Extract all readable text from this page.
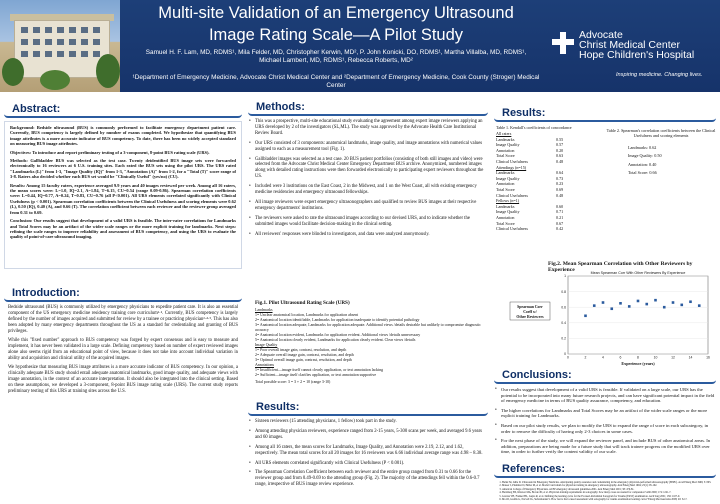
Multi-site Validation of an Emergency Ultrasound
Image Rating Scale—A Pilot Study
Samuel H. F. Lam, MD, RDMS¹, Mila Felder, MD, Christopher Kerwin, MD², P. John Konicki, DO, RDMS¹, Martha Villalba, MD, RDMS¹,
Michael Lambert, MD, RDMS¹, Rebecca Roberts, MD²
¹Department of Emergency Medicine, Advocate Christ Medical Center and ²Department of Emergency Medicine, Cook County (Stroger) Medical Center
Advocate
Christ Medical Center
Hope Children's Hospital
Inspiring medicine. Changing lives.
Abstract:

Background: Bedside ultrasound (BUS) is commonly performed to facilitate emergency department patient care. Currently, BUS competency is largely defined by number of exams completed. We hypothesize that quantifying BUS image attributes is a more accurate indicator of BUS competency. To date, there has been no widely accepted standard on measuring BUS image attributes.

Objectives: To introduce and report preliminary testing of a 3-component, 8-point BUS rating scale (URS).

Methods: Gallbladder BUS was selected as the test case. Twenty deidentified BUS image sets were forwarded electronically to 16 reviewers at 6 U.S. training sites. Each rated the BUS sets using the pilot URS. The URS rated "Landmarks (L)" from 1-3, "Image Quality (IQ)" from 1-3, "Annotation (A)" from 1-2, for a "Total (T)" score range of 3-8. Raters also decided whether each BUS set would be "Clinically Useful" (yes/no) (CU).

Results: Among 15 faculty raters, experience averaged 9.9 years and 40 images reviewed per week. Among all 16 raters, the mean scores were: L=1.0, IQ=2.1, A=1.84, T=6.15, CU=0.54 (range 0.09-0.86). Spearman correlation coefficients were: L=0.44, IQ=0.77, A=0.24, T=0.83, CU=0.76 (all P<0.001). All URS elements correlated significantly with Clinical Usefulness (p < 0.001). Spearman correlation coefficients between the Clinical Usefulness and scoring elements were 0.62 (L), 0.50 (IQ), 0.40 (A), and 0.66 (T). The correlation coefficient between each reviewer and the reviewer group averaged from 0.31 to 0.69.

Conclusion: Our results suggest that development of a valid URS is feasible. The inter-rater correlations for Landmarks and Total Scores may be an artifact of the wider scale ranges or the more explicit training for landmarks. Next steps: refining the scale ranges to improve reliability and assessment of BUS competency, and using the URS to evaluate the quality of point-of-care ultrasound imaging.

Introduction:

Bedside ultrasound (BUS) is commonly utilized by emergency physicians to expedite patient care. It is also an essential component of the US emergency medicine residency training core curriculum¹·². Currently, BUS competency is largely defined by the number of images acquired and submitted for review by a trainee or practicing physician³·⁴·⁵. This has also been adopted by many emergency departments throughout the US as a standard for credentialing and granting of BUS privileges.

While this "fixed number" approach to BUS competency was forged by expert consensus and is easy to measure and implement, it has never been validated in a large scale. Defining competency based on number of expert reviewed images alone also seems rigid from an educational point of view, because it does not take into account individual variation in ability and acquisition and clinical utility of the acquired images.

We hypothesize that measuring BUS image attributes is a more accurate indicator of BUS competency. In our opinion, a clinically adequate BUS study should entail adequate anatomical landmarks, good image quality, and adequate views with image annotation, in the context of an accurate interpretation. It should also be integrated into the clinical setting. Based on these assumptions, we developed a 3-component, 8-point BUS image rating scale (URS). The current study reports preliminary testing of this URS at training sites across the U.S.

Methods:
• This was a prospective, multi-site educational study evaluating the agreement among expert image reviewers applying an URS developed by 2 of the investigators (SL,ML). The study was approved by the Advocate Health Care Institutional Review Board.
• Our URS consisted of 3 components: anatomical landmarks, image quality, and image annotations with numerical values assigned to each as a measurement tool (Fig. 1).
• Gallbladder images was selected as a test case. 20 BUS patient portfolios (consisting of both still images and video) were selected from the Advocate Christ Medical Center Emergency Department BUS archive. Anonymized, numbered images along with detailed rating instructions were then forwarded electronically to participating expert reviewers throughout the US.
• Included were 3 institutions on the East Coast, 2 in the Midwest, and 1 on the West Coast, all with existing emergency medicine residencies and emergency ultrasound fellowships.
• All image reviewers were expert emergency ultrasonographers and qualified to review BUS images at their respective emergency departments' institutions.
• The reviewers were asked to rate the ultrasound images according to our devised URS, and to indicate whether the submitted images would facilitate decision-making in the clinical setting.
• All reviewers' responses were blinded to investigators, and data were analyzed anonymously.
Fig.1. Pilot Ultrasound Rating Scale (URS)
Landmarks
1= Unclear anatomical location, Landmarks for application absent
2= Anatomical location identifiable, Landmarks for application inadequate to identify potential pathology
3= Anatomical location adequate, Landmarks for application adequate. Additional views /details desirable but unlikely to compromise diagnostic accuracy
4= Anatomical location evident, Landmarks for application evident. Additional views /details unnecessary
5= Anatomical location clearly evident, Landmarks for application clearly evident. Clear views /details
Image Quality
1= Poor overall image gain, contrast, resolution, and depth
2= Adequate overall image gain, contrast, resolution, and depth
3= Optimal overall image gain, contrast, resolution, and depth
Annotations
1= Insufficient—image itself cannot clearly application, or text annotation lacking
2= Sufficient—image itself clarifies application, or text annotation supportive
Total possible score: 3 = 3 + 2 = 10 (range 3-10)
Results:
• Sixteen reviewers (15 attending physicians, 1 fellow) took part in the study.
• Among attending physician reviewers, experience ranged from 2-15 years, 5-300 scans per week, and averaged 9.6 years and 60 images.
• Among all 16 raters, the mean scores for Landmarks, Image Quality, and Annotation were 2.19, 2.12, and 1.62, respectively. The mean total scores for all 20 images for 16 reviewers was 6.66 individual average range was 4.98 – 8.38.
• All URS elements correlated significantly with Clinical Usefulness (P < 0.001).
• The Spearman Correlation Coefficient between each reviewer and the entire group ranged from 0.31 to 0.66 for the reviewer group and from 0.49-0.69 to the attending group (Fig. 2). The majority of the attendings fell within the 0.6-0.7 range, irrespective of BUS image review experience.
Results:
Table 1. Kendall's coefficients of concordance
All raters
Landmarks	0.55
Image Quality	0.57
Annotation	0.20
Total Score	0.63
Clinical Usefulness	0.48
Attendings (n=15)
Landmarks	0.64
Image Quality	0.73
Annotation	0.23
Total Score	0.69
Clinical Usefulness	0.48
Fellows (n=1)
Landmarks	0.60
Image Quality	0.71
Annotation	0.21
Total Score	0.67
Clinical Usefulness	0.42
Table 2. Spearman's correlation coefficients between the Clinical Usefulness and scoring elements
Landmarks: 0.62
Image Quality: 0.50
Annotation: 0.40
Total Score: 0.66
Fig.2. Mean Spearman Correlation with Other Reviewers by Experience	Mean Spearman Corr With Other Reviewers By Experience
0
0.2
0.4
0.6
0.8
1
0	2	4	6	8	10	12	14	16
Experience (years)
Spearman Corr
Coeff w/
Other Reviewers
Conclusions:
• Our results suggest that development of a valid URS is feasible. If validated on a large scale, our URS has the potential to be incorporated into many future research projects, and can have significant potential impact in the field of emergency medicine in terms of BUS quality assurance, competency, and education.
• The higher correlations for Landmarks and Total Scores may be an artifact of the wider scale ranges or the more explicit training for Landmarks.
• Based on our pilot study results, we plan to modify the URS to expand the range of score in each subcategory, in order to remove the difficulty of having only 2-3 choices in some cases.
• For the next phase of the study, we will expand the reviewer panel, and include BUS of other anatomical areas. In addition, preparations are being made for a future study that will track trainee progress on the modified URS over time, in order to further verify the content validity of our scale.
References:
1. Heller M, Jehle D. Ultrasound in Emergency Medicine. Anticipating quality assurance and credentialing in the emergency physician-performed ultrasonography (EPPU). Acad Emerg Med 1996; 3: 803.
2. Mateer J, Plummer D, Heller M, et al. Model Curriculum for physician training in emergency ultrasonography. Ann Emerg Med 1994; 23(1): 95-102.
3. American College of Emergency Physicians. ACEP emergency ultrasound guidelines-2001. Ann Emerg Med 2001; 38: 470-81.
4. Hertzberg BS, Kliewer MA, Bowie JD, et al. Physician training requirements in sonography: how many cases are needed for competence? AJR 2000; 174: 1221-7.
5. Gracias VH, Frankel HL, Gupta R, et al. Defining the learning curve for the Focused Abdominal Sonogram for Trauma (FAST) examination. Arch Surg 2001; 136: 1107-9.
6. Ma OJ, Gaddis G, Norvell JG, Subramanian S. How fast is the focused assessment with sonography for trauma examination learning curve? Emerg Med Australas 2008; 20: 32-7.
